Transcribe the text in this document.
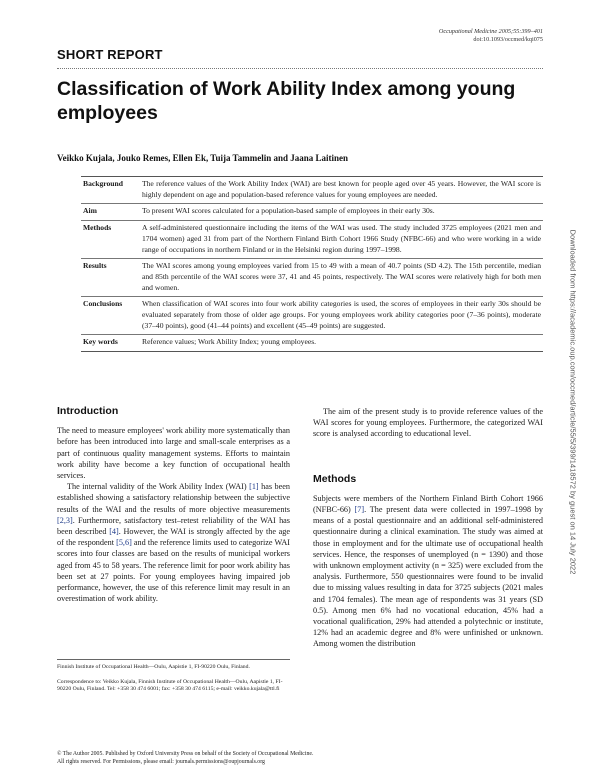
Occupational Medicine 2005;55:399–401
doi:10.1093/occmed/kqi075
SHORT REPORT
Classification of Work Ability Index among young employees
Veikko Kujala, Jouko Remes, Ellen Ek, Tuija Tammelin and Jaana Laitinen
Background	The reference values of the Work Ability Index (WAI) are best known for people aged over 45 years. However, the WAI score is highly dependent on age and population-based reference values for young employees are needed.
Aim	To present WAI scores calculated for a population-based sample of employees in their early 30s.
Methods	A self-administered questionnaire including the items of the WAI was used. The study included 3725 employees (2021 men and 1704 women) aged 31 from part of the Northern Finland Birth Cohort 1966 Study (NFBC-66) and who were working in a wide range of occupations in northern Finland or in the Helsinki region during 1997–1998.
Results	The WAI scores among young employees varied from 15 to 49 with a mean of 40.7 points (SD 4.2). The 15th percentile, median and 85th percentile of the WAI scores were 37, 41 and 45 points, respectively. The WAI scores were relatively high for both men and women.
Conclusions	When classification of WAI scores into four work ability categories is used, the scores of employees in their early 30s should be evaluated separately from those of older age groups. For young employees work ability categories poor (7–36 points), moderate (37–40 points), good (41–44 points) and excellent (45–49 points) are suggested.
Key words	Reference values; Work Ability Index; young employees.
Introduction

The need to measure employees' work ability more systematically than before has been introduced into large and small-scale enterprises as a part of continuous quality management systems. Efforts to maintain work ability have become a key function of occupational health services.

The internal validity of the Work Ability Index (WAI) [1] has been established showing a satisfactory relationship between the subjective results of the WAI and the results of more objective measurements [2,3]. Furthermore, satisfactory test–retest reliability of the WAI has been described [4]. However, the WAI is strongly affected by the age of the respondent [5,6] and the reference limits used to categorize WAI scores into four classes are based on the results of municipal workers aged from 45 to 58 years. The reference limit for poor work ability has been set at 27 points. For young employees having impaired job performance, however, the use of this reference limit may result in an overestimation of work ability.

The aim of the present study is to provide reference values of the WAI scores for young employees. Furthermore, the categorized WAI score is analysed according to educational level.

Methods

Subjects were members of the Northern Finland Birth Cohort 1966 (NFBC-66) [7]. The present data were collected in 1997–1998 by means of a postal questionnaire and an additional self-administered questionnaire during a clinical examination. The study was aimed at those in employment and for the ultimate use of occupational health services. Hence, the responses of unemployed (n = 1390) and those with unknown employment activity (n = 325) were excluded from the analysis. Furthermore, 550 questionnaires were found to be invalid due to missing values resulting in data for 3725 subjects (2021 males and 1704 females). The mean age of respondents was 31 years (SD 0.5). Among men 6% had no vocational education, 45% had a vocational qualification, 29% had attended a polytechnic or institute, 12% had an academic degree and 8% were unfinished or unknown. Among women the distribution

Finnish Institute of Occupational Health—Oulu, Aapistie 1, FI-90220 Oulu, Finland.

Correspondence to: Veikko Kujala, Finnish Institute of Occupational Health—Oulu, Aapistie 1, FI-90220 Oulu, Finland. Tel: +358 30 474 6001; fax: +358 30 474 6115; e-mail: veikko.kujala@ttl.fi

© The Author 2005. Published by Oxford University Press on behalf of the Society of Occupational Medicine.
All rights reserved. For Permissions, please email: journals.permissions@oupjournals.org
Downloaded from https://academic.oup.com/occmed/article/55/5/399/1418572 by guest on 14 July 2022
